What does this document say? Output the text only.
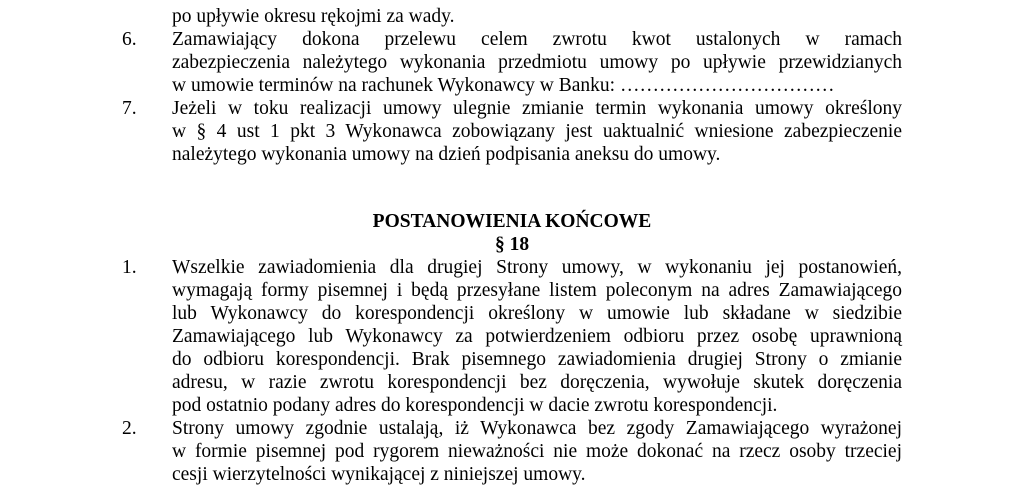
po upływie okresu rękojmi za wady.
6. Zamawiający dokona przelewu celem zwrotu kwot ustalonych w ramach
zabezpieczenia należytego wykonania przedmiotu umowy po upływie przewidzianych
w umowie terminów na rachunek Wykonawcy w Banku: ……………………………
7. Jeżeli w toku realizacji umowy ulegnie zmianie termin wykonania umowy określony
w § 4 ust 1 pkt 3 Wykonawca zobowiązany jest uaktualnić wniesione zabezpieczenie
należytego wykonania umowy na dzień podpisania aneksu do umowy.
POSTANOWIENIA KOŃCOWE
§ 18
1. Wszelkie zawiadomienia dla drugiej Strony umowy, w wykonaniu jej postanowień,
wymagają formy pisemnej i będą przesyłane listem poleconym na adres Zamawiającego
lub Wykonawcy do korespondencji określony w umowie lub składane w siedzibie
Zamawiającego lub Wykonawcy za potwierdzeniem odbioru przez osobę uprawnioną
do odbioru korespondencji. Brak pisemnego zawiadomienia drugiej Strony o zmianie
adresu, w razie zwrotu korespondencji bez doręczenia, wywołuje skutek doręczenia
pod ostatnio podany adres do korespondencji w dacie zwrotu korespondencji.
2. Strony umowy zgodnie ustalają, iż Wykonawca bez zgody Zamawiającego wyrażonej
w formie pisemnej pod rygorem nieważności nie może dokonać na rzecz osoby trzeciej
cesji wierzytelności wynikającej z niniejszej umowy.
